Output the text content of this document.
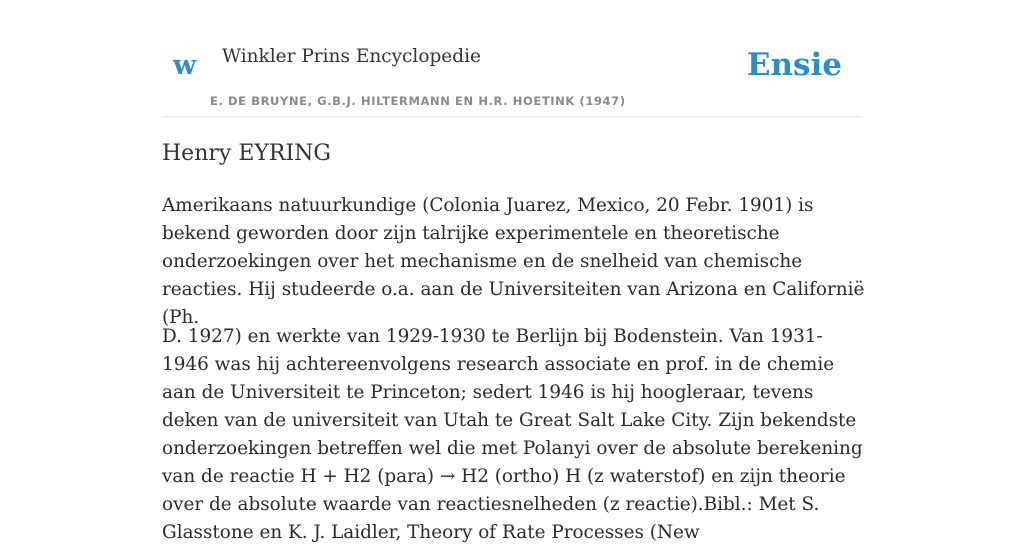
w Winkler Prins Encyclopedie
E. DE BRUYNE, G.B.J. HILTERMANN EN H.R. HOETINK (1947)
Ensie
Henry EYRING

Amerikaans natuurkundige (Colonia Juarez, Mexico, 20 Febr. 1901) is bekend geworden door zijn talrijke experimentele en theoretische onderzoekingen over het mechanisme en de snelheid van chemische reacties. Hij studeerde o.a. aan de Universiteiten van Arizona en Californië (Ph.

D. 1927) en werkte van 1929-1930 te Berlijn bij Bodenstein. Van 1931-1946 was hij achtereenvolgens research associate en prof. in de chemie aan de Universiteit te Princeton; sedert 1946 is hij hoogleraar, tevens deken van de universiteit van Utah te Great Salt Lake City. Zijn bekendste onderzoekingen betreffen wel die met Polanyi over de absolute berekening van de reactie H + H2 (para) → H2 (ortho) H (z waterstof) en zijn theorie over de absolute waarde van reactiesnelheden (z reactie).Bibl.: Met S. Glasstone en K. J. Laidler, Theory of Rate Processes (New
